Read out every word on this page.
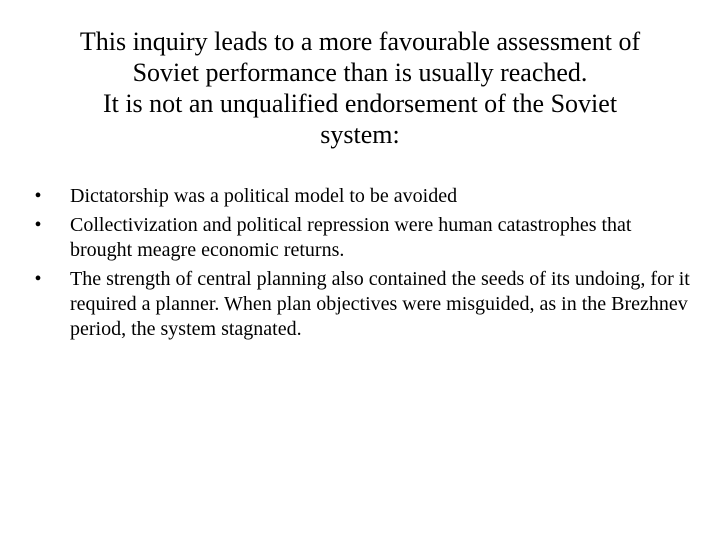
This inquiry leads to a more favourable assessment of
Soviet performance than is usually reached.
It is not an unqualified endorsement of the Soviet
system:
•	Dictatorship was a political model to be avoided
•	Collectivization and political repression were human catastrophes that brought meagre economic returns.
•	The strength of central planning also contained the seeds of its undoing, for it required a planner. When plan objectives were misguided, as in the Brezhnev period, the system stagnated.
